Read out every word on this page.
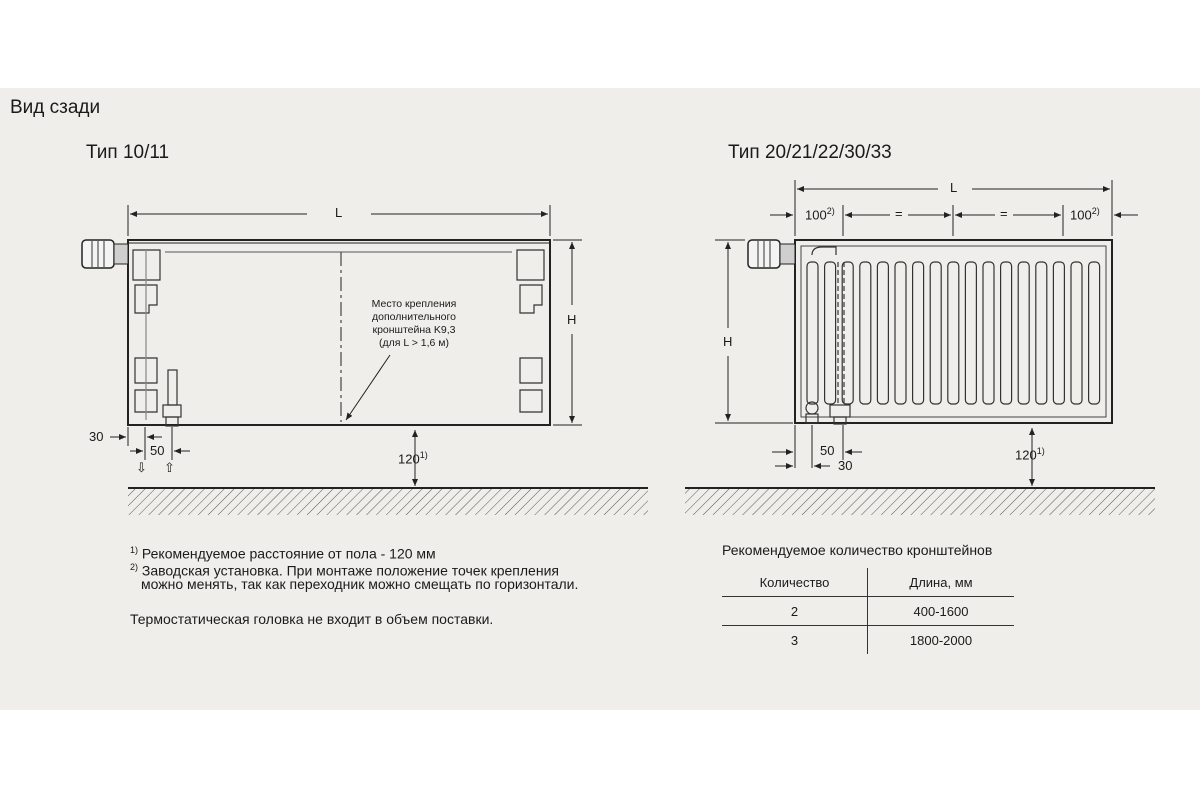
Вид сзади
Тип 10/11	Тип 20/21/22/30/33
L
H
30
50
⇩ ⇧
120$^{1)}$
Место крепления
дополнительного
кронштейна K9,3
(для L > 1,6 м)
L
$100^{2)}$	=	=	$100^{2)}$
H
50
30
120$^{1)}$
$^{1)}$ Рекомендуемое расстояние от пола - 120 мм
$^{2)}$ Заводская установка. При монтаже положение точек крепления
можно менять, так как переходник можно смещать по горизонтали.
Термостатическая головка не входит в объем поставки.
Рекомендуемое количество кронштейнов
Количество	Длина, мм
2	400-1600
3	1800-2000
